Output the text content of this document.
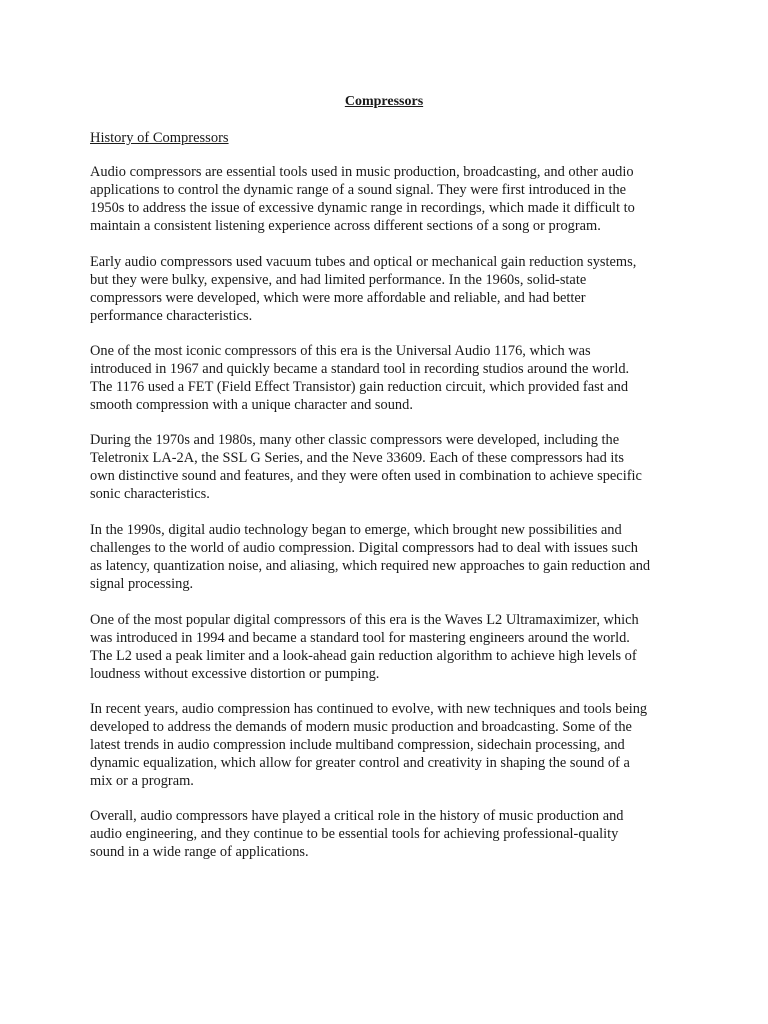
Compressors
History of Compressors

Audio compressors are essential tools used in music production, broadcasting, and other audio
applications to control the dynamic range of a sound signal. They were first introduced in the
1950s to address the issue of excessive dynamic range in recordings, which made it difficult to
maintain a consistent listening experience across different sections of a song or program.

Early audio compressors used vacuum tubes and optical or mechanical gain reduction systems,
but they were bulky, expensive, and had limited performance. In the 1960s, solid-state
compressors were developed, which were more affordable and reliable, and had better
performance characteristics.

One of the most iconic compressors of this era is the Universal Audio 1176, which was
introduced in 1967 and quickly became a standard tool in recording studios around the world.
The 1176 used a FET (Field Effect Transistor) gain reduction circuit, which provided fast and
smooth compression with a unique character and sound.

During the 1970s and 1980s, many other classic compressors were developed, including the
Teletronix LA-2A, the SSL G Series, and the Neve 33609. Each of these compressors had its
own distinctive sound and features, and they were often used in combination to achieve specific
sonic characteristics.

In the 1990s, digital audio technology began to emerge, which brought new possibilities and
challenges to the world of audio compression. Digital compressors had to deal with issues such
as latency, quantization noise, and aliasing, which required new approaches to gain reduction and
signal processing.

One of the most popular digital compressors of this era is the Waves L2 Ultramaximizer, which
was introduced in 1994 and became a standard tool for mastering engineers around the world.
The L2 used a peak limiter and a look-ahead gain reduction algorithm to achieve high levels of
loudness without excessive distortion or pumping.

In recent years, audio compression has continued to evolve, with new techniques and tools being
developed to address the demands of modern music production and broadcasting. Some of the
latest trends in audio compression include multiband compression, sidechain processing, and
dynamic equalization, which allow for greater control and creativity in shaping the sound of a
mix or a program.

Overall, audio compressors have played a critical role in the history of music production and
audio engineering, and they continue to be essential tools for achieving professional-quality
sound in a wide range of applications.
